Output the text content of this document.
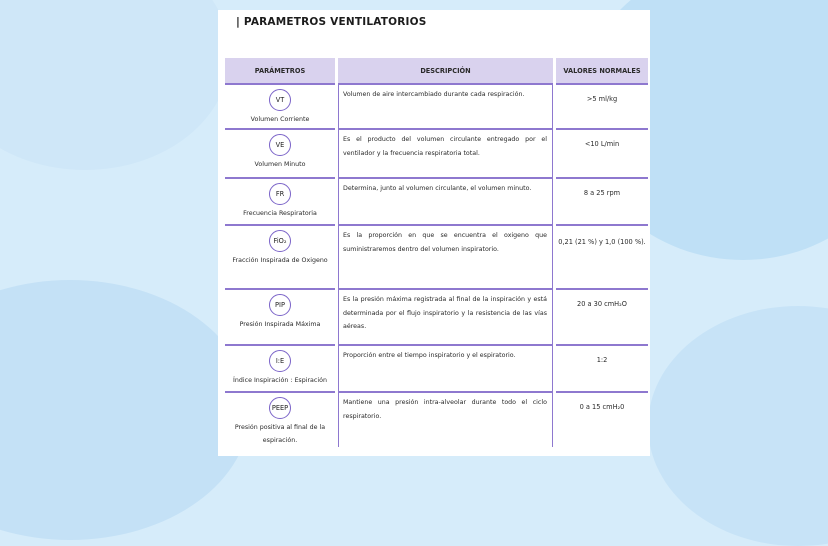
| PARAMETROS VENTILATORIOS
PARÁMETROS	DESCRIPCIÓN	VALORES NORMALES

VT
Volumen Corriente	Volumen de aire intercambiado durante cada respiración.	>5 ml/kg

VE
Volumen Minuto	Es el producto del volumen circulante entregado por el ventilador y la frecuencia respiratoria total.	<10 L/min

FR
Frecuencia Respiratoria	Determina, junto al volumen circulante, el volumen minuto.	8 a 25 rpm

FiO₂
Fracción Inspirada de Oxigeno	Es la proporción en que se encuentra el oxigeno que suministraremos dentro del volumen inspiratorio.	0,21 (21 %) y 1,0 (100 %).

PIP
Presión Inspirada Máxima	Es la presión máxima registrada al final de la inspiración y está determinada por el flujo inspiratorio y la resistencia de las vías aéreas.	20 a 30 cmH₂O

I:E
Índice Inspiración : Espiración	Proporción entre el tiempo inspiratorio y el espiratorio.	1:2

PEEP
Presión positiva al final de la espiración.	Mantiene una presión intra-alveolar durante todo el ciclo respiratorio.	0 a 15 cmH₂0
